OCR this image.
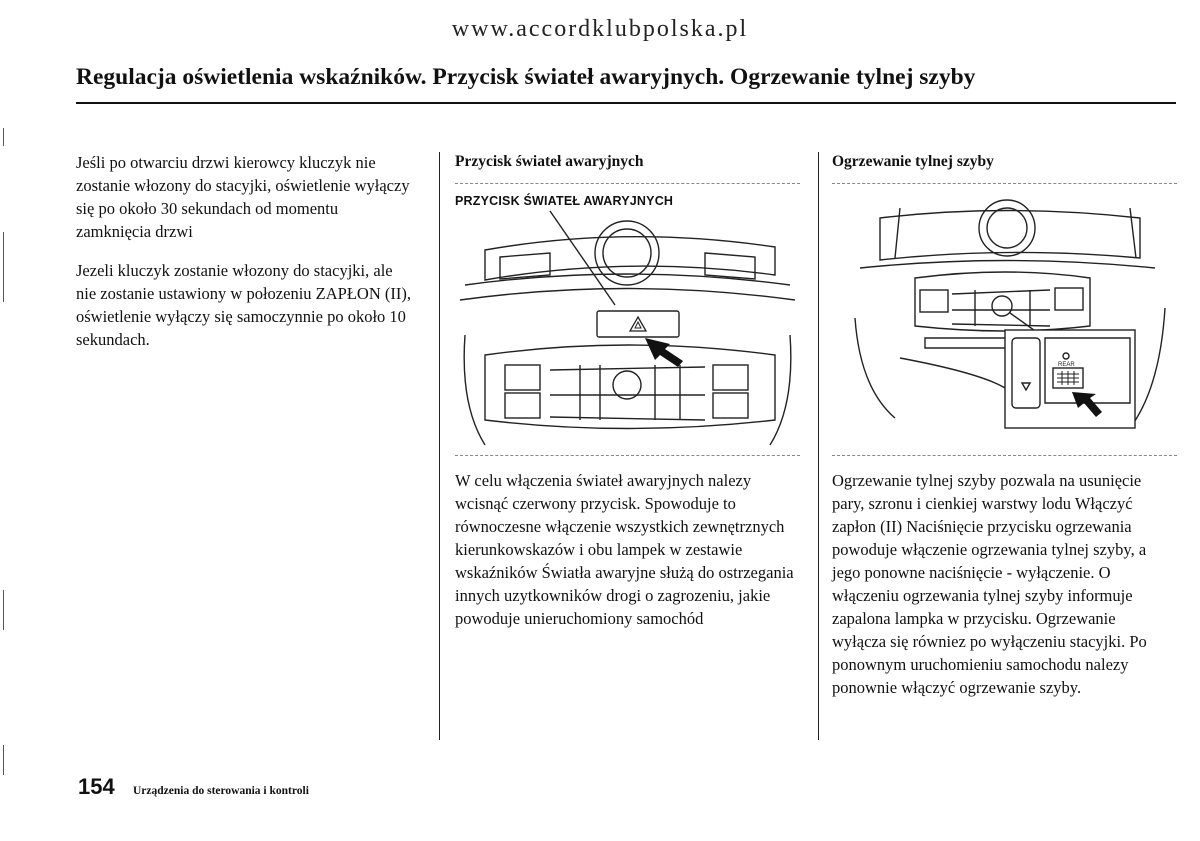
www.accordklubpolska.pl
Regulacja oświetlenia wskaźników. Przycisk świateł awaryjnych. Ogrzewanie tylnej szyby

Jeśli po otwarciu drzwi kierowcy kluczyk nie zostanie włozony do stacyjki, oświetlenie wyłączy się po około 30 sekundach od momentu zamknięcia drzwi

Jezeli kluczyk zostanie włozony do stacyjki, ale nie zostanie ustawiony w połozeniu ZAPŁON (II), oświetlenie wyłączy się samoczynnie po około 10 sekundach.

Przycisk świateł awaryjnych
PRZYCISK ŚWIATEŁ AWARYJNYCH

W celu włączenia świateł awaryjnych nalezy wcisnąć czerwony przycisk. Spowoduje to równoczesne włączenie wszystkich zewnętrznych kierunkowskazów i obu lampek w zestawie wskaźników Światła awaryjne służą do ostrzegania innych uzytkowników drogi o zagrozeniu, jakie powoduje unieruchomiony samochód

Ogrzewanie tylnej szyby
REAR

Ogrzewanie tylnej szyby pozwala na usunięcie pary, szronu i cienkiej warstwy lodu Włączyć zapłon (II) Naciśnięcie przycisku ogrzewania powoduje włączenie ogrzewania tylnej szyby, a jego ponowne naciśnięcie - wyłączenie. O włączeniu ogrzewania tylnej szyby informuje zapalona lampka w przycisku. Ogrzewanie wyłącza się równiez po wyłączeniu stacyjki. Po ponownym uruchomieniu samochodu nalezy ponownie włączyć ogrzewanie szyby.

154 Urządzenia do sterowania i kontroli
